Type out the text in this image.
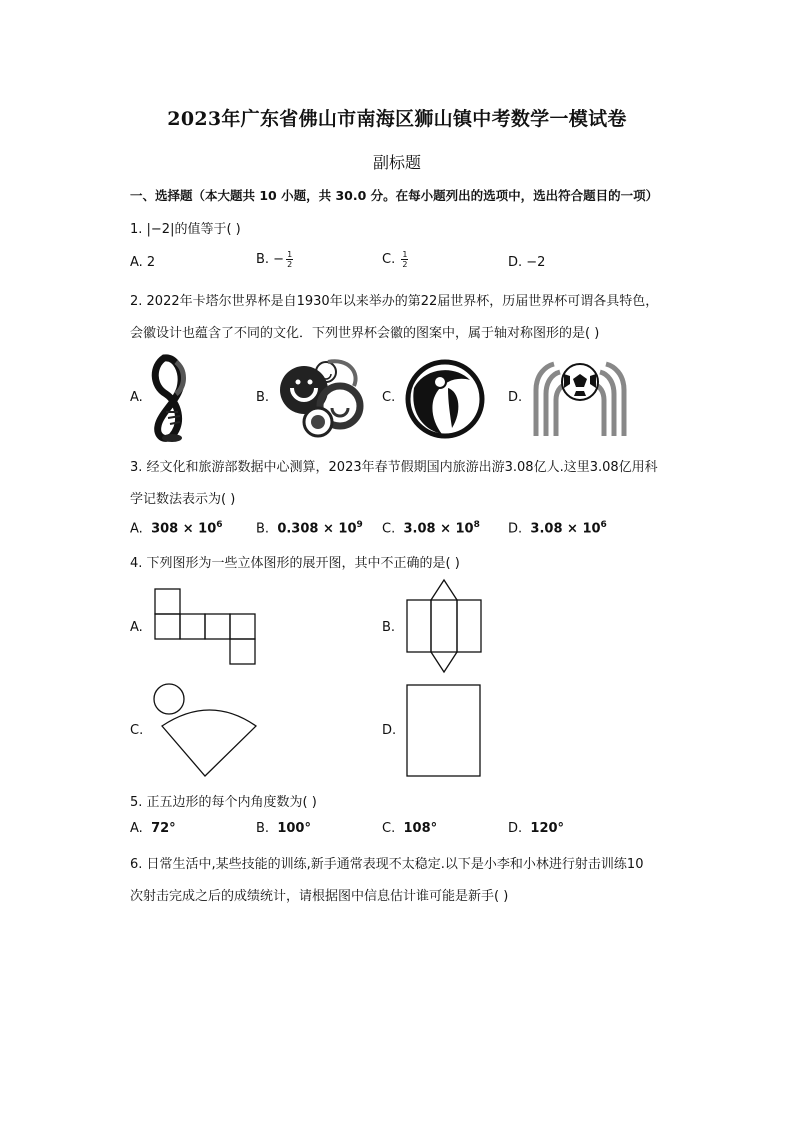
2023年广东省佛山市南海区狮山镇中考数学一模试卷
副标题
一、选择题（本大题共 10 小题，共 30.0 分。在每小题列出的选项中，选出符合题目的一项）
1. |−2|的值等于( )
A. 2	B. − $\frac{1}{2}$	C. $\frac{1}{2}$	D. −2
2. 2022年卡塔尔世界杯是自1930年以来举办的第22届世界杯，历届世界杯可谓各具特色，
会徽设计也蕴含了不同的文化．下列世界杯会徽的图案中，属于轴对称图形的是( )
A.	B.	C.	D.
3. 经文化和旅游部数据中心测算，2023年春节假期国内旅游出游3.08亿人.这里3.08亿用科
学记数法表示为( )
A. $308 \times 10^6$	B. $0.308 \times 10^9$ C. $3.08 \times 10^8$ D. $3.08 \times 10^6$
4. 下列图形为一些立体图形的展开图，其中不正确的是( )
A.	B.
C.	D.
5. 正五边形的每个内角度数为( )
A. 72°	B. 100°	C. 108°	D. 120°
6. 日常生活中,某些技能的训练,新手通常表现不太稳定.以下是小李和小林进行射击训练10
次射击完成之后的成绩统计，请根据图中信息估计谁可能是新手( )
